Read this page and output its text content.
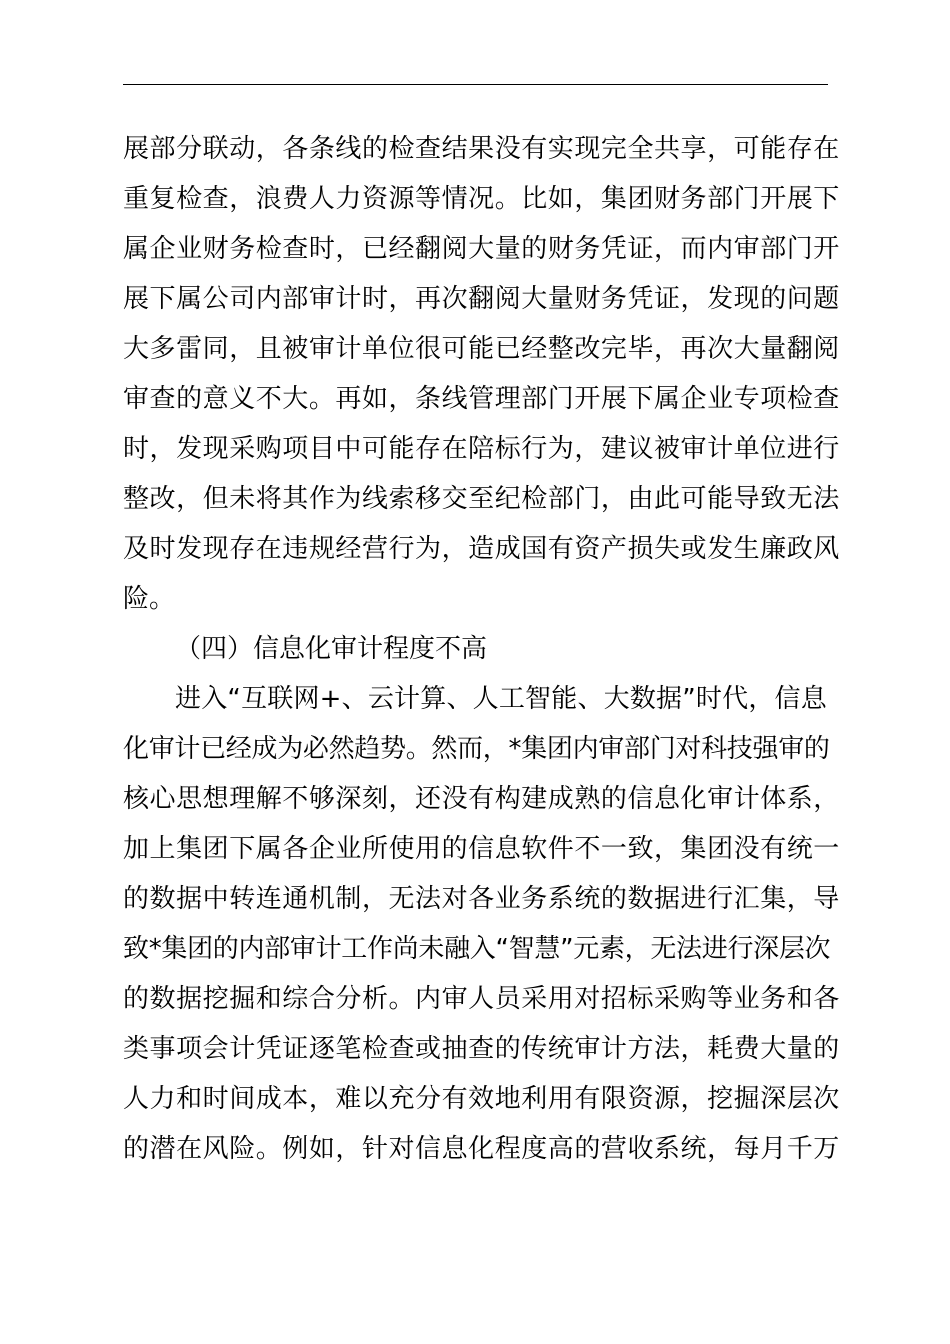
展部分联动，各条线的检查结果没有实现完全共享，可能存在
重复检查，浪费人力资源等情况。比如，集团财务部门开展下
属企业财务检查时，已经翻阅大量的财务凭证，而内审部门开
展下属公司内部审计时，再次翻阅大量财务凭证，发现的问题
大多雷同，且被审计单位很可能已经整改完毕，再次大量翻阅
审查的意义不大。再如，条线管理部门开展下属企业专项检查
时，发现采购项目中可能存在陪标行为，建议被审计单位进行
整改，但未将其作为线索移交至纪检部门，由此可能导致无法
及时发现存在违规经营行为，造成国有资产损失或发生廉政风
险。
（四）信息化审计程度不高
进入“互联网+、云计算、人工智能、大数据”时代，信息
化审计已经成为必然趋势。然而，*集团内审部门对科技强审的
核心思想理解不够深刻，还没有构建成熟的信息化审计体系，
加上集团下属各企业所使用的信息软件不一致，集团没有统一
的数据中转连通机制，无法对各业务系统的数据进行汇集，导
致*集团的内部审计工作尚未融入“智慧”元素，无法进行深层次
的数据挖掘和综合分析。内审人员采用对招标采购等业务和各
类事项会计凭证逐笔检查或抽查的传统审计方法，耗费大量的
人力和时间成本，难以充分有效地利用有限资源，挖掘深层次
的潜在风险。例如，针对信息化程度高的营收系统，每月千万
